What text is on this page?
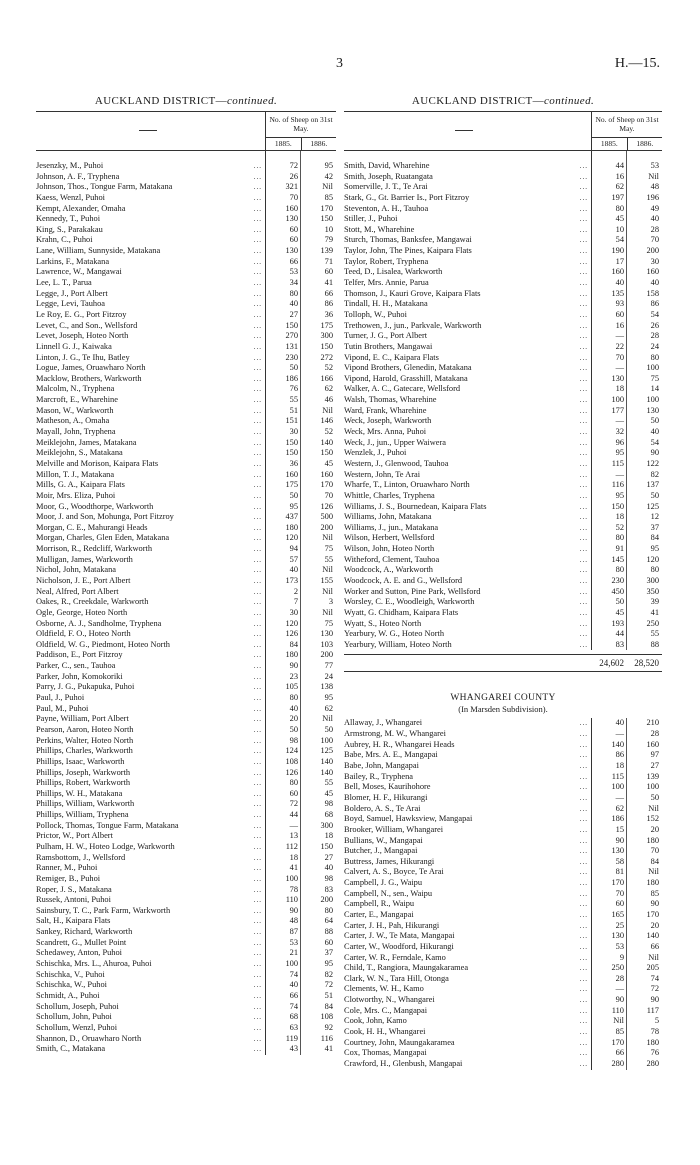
3	H.—15.
AUCKLAND DISTRICT—continued.
No. of Sheep on 31st May.
1885.	1886.
Jesenzky, M., Puhoi	...	72	95
Johnson, A. F., Tryphena	...	26	42
Johnson, Thos., Tongue Farm, Matakana	...	321	Nil
Kaess, Wenzl, Puhoi	...	70	85
Kempt, Alexander, Omaha	...	160	170
Kennedy, T., Puhoi	...	130	150
King, S., Parakakau	...	60	10
Krahn, C., Puhoi	...	60	79
Lane, William, Sunnyside, Matakana	...	130	139
Larkins, F., Matakana	...	66	71
Lawrence, W., Mangawai	...	53	60
Lee, L. T., Parua	...	34	41
Legge, J., Port Albert	...	80	66
Legge, Levi, Tauhoa	...	40	86
Le Roy, E. G., Port Fitzroy	...	27	36
Levet, C., and Son., Wellsford	...	150	175
Levet, Joseph, Hoteo North	...	270	300
Linnell G. J., Kaiwaka	...	131	150
Linton, J. G., Te Ihu, Batley	...	230	272
Logue, James, Oruawharo North	...	50	52
Macklow, Brothers, Warkworth	...	186	166
Malcolm, N., Tryphena	...	76	62
Marcroft, E., Wharehine	...	55	46
Mason, W., Warkworth	...	51	Nil
Matheson, A., Omaha	...	151	146
Mayall, John, Tryphena	...	30	52
Meiklejohn, James, Matakana	...	150	140
Meiklejohn, S., Matakana	...	150	150
Melville and Morison, Kaipara Flats	...	36	45
Millon, T. J., Matakana	...	160	160
Mills, G. A., Kaipara Flats	...	175	170
Moir, Mrs. Eliza, Puhoi	...	50	70
Moor, G., Woodthorpe, Warkworth	...	95	126
Moor, J. and Son, Mohunga, Port Fitzroy	...	437	500
Morgan, C. E., Mahurangi Heads	...	180	200
Morgan, Charles, Glen Eden, Matakana	...	120	Nil
Morrison, R., Redcliff, Warkworth	...	94	75
Mulligan, James, Warkworth	...	57	55
Nichol, John, Matakana	...	40	Nil
Nicholson, J. E., Port Albert	...	173	155
Neal, Alfred, Port Albert	...	2	Nil
Oakes, R., Creekdale, Warkworth	...	7	3
Ogle, George, Hoteo North	...	30	Nil
Osborne, A. J., Sandholme, Tryphena	...	120	75
Oldfield, F. O., Hoteo North	...	126	130
Oldfield, W. G., Piedmont, Hoteo North	...	84	103
Paddison, E., Port Fitzroy	...	180	200
Parker, C., sen., Tauhoa	...	90	77
Parker, John, Komokoriki	...	23	24
Parry, J. G., Pukapuka, Puhoi	...	105	138
Paul, J., Puhoi	...	80	95
Paul, M., Puhoi	...	40	62
Payne, William, Port Albert	...	20	Nil
Pearson, Aaron, Hoteo North	...	50	50
Perkins, Walter, Hoteo North	...	98	100
Phillips, Charles, Warkworth	...	124	125
Phillips, Isaac, Warkworth	...	108	140
Phillips, Joseph, Warkworth	...	126	140
Phillips, Robert, Warkworth	...	80	55
Phillips, W. H., Matakana	...	60	45
Phillips, William, Warkworth	...	72	98
Phillips, William, Tryphena	...	44	68
Pollock, Thomas, Tongue Farm, Matakana	...	—	300
Prictor, W., Port Albert	...	13	18
Pulham, H. W., Hoteo Lodge, Warkworth	...	112	150
Ramsbottom, J., Wellsford	...	18	27
Ranner, M., Puhoi	...	41	40
Remiger, B., Puhoi	...	100	98
Roper, J. S., Matakana	...	78	83
Russek, Antoni, Puhoi	...	110	200
Sainsbury, T. C., Park Farm, Warkworth	...	90	80
Salt, H., Kaipara Flats	...	48	64
Sankey, Richard, Warkworth	...	87	88
Scandrett, G., Mullet Point	...	53	60
Schedawey, Anton, Puhoi	...	21	37
Schischka, Mrs. L., Ahuroa, Puhoi	...	100	95
Schischka, V., Puhoi	...	74	82
Schischka, W., Puhoi	...	40	72
Schmidt, A., Puhoi	...	66	51
Schollum, Joseph, Puhoi	...	74	84
Schollum, John, Puhoi	...	68	108
Schollum, Wenzl, Puhoi	...	63	92
Shannon, D., Oruawharo North	...	119	116
Smith, C., Matakana	...	43	41
AUCKLAND DISTRICT—continued.
No. of Sheep on 31st May.
1885.	1886.
Smith, David, Wharehine	...	44	53
Smith, Joseph, Ruatangata	...	16	Nil
Somerville, J. T., Te Arai	...	62	48
Stark, G., Gt. Barrier Is., Port Fitzroy	...	197	196
Steventon, A. H., Tauhoa	...	80	49
Stiller, J., Puhoi	...	45	40
Stott, M., Wharehine	...	10	28
Sturch, Thomas, Banksfee, Mangawai	...	54	70
Taylor, John, The Pines, Kaipara Flats	...	190	200
Taylor, Robert, Tryphena	...	17	30
Teed, D., Lisalea, Warkworth	...	160	160
Telfer, Mrs. Annie, Parua	...	40	40
Thomson, J., Kauri Grove, Kaipara Flats	...	135	158
Tindall, H. H., Matakana	...	93	86
Tolloph, W., Puhoi	...	60	54
Trethowen, J., jun., Parkvale, Warkworth	...	16	26
Turner, J. G., Port Albert	...	—	28
Tutin Brothers, Mangawai	...	22	24
Vipond, E. C., Kaipara Flats	...	70	80
Vipond Brothers, Glenedin, Matakana	...	—	100
Vipond, Harold, Grasshill, Matakana	...	130	75
Walker, A. C., Gatecare, Wellsford	...	18	14
Walsh, Thomas, Wharehine	...	100	100
Ward, Frank, Wharehine	...	177	130
Weck, Joseph, Warkworth	...	—	50
Weck, Mrs. Anna, Puhoi	...	32	40
Weck, J., jun., Upper Waiwera	...	96	54
Wenzlek, J., Puhoi	...	95	90
Western, J., Glenwood, Tauhoa	...	115	122
Western, John, Te Arai	...	—	82
Wharfe, T., Linton, Oruawharo North	...	116	137
Whittle, Charles, Tryphena	...	95	50
Williams, J. S., Bournedean, Kaipara Flats	...	150	125
Williams, John, Matakana	...	18	12
Williams, J., jun., Matakana	...	52	37
Wilson, Herbert, Wellsford	...	80	84
Wilson, John, Hoteo North	...	91	95
Witheford, Clement, Tauhoa	...	145	120
Woodcock, A., Warkworth	...	80	80
Woodcock, A. E. and G., Wellsford	...	230	300
Worker and Sutton, Pine Park, Wellsford	...	450	350
Worsley, C. E., Woodleigh, Warkworth	...	50	39
Wyatt, G. Chidham, Kaipara Flats	...	45	41
Wyatt, S., Hoteo North	...	193	250
Yearbury, W. G., Hoteo North	...	44	55
Yearbury, William, Hoteo North	...	83	88
24,602	28,520
WHANGAREI COUNTY
(In Marsden Subdivision).
Allaway, J., Whangarei	...	40	210
Armstrong, M. W., Whangarei	...	—	28
Aubrey, H. R., Whangarei Heads	...	140	160
Babe, Mrs. A. E., Mangapai	...	86	97
Babe, John, Mangapai	...	18	27
Bailey, R., Tryphena	...	115	139
Bell, Moses, Kaurihohore	...	100	100
Blomer, H. F., Hikurangi	...	—	50
Boldero, A. S., Te Arai	...	62	Nil
Boyd, Samuel, Hawksview, Mangapai	...	186	152
Brooker, William, Whangarei	...	15	20
Bullians, W., Mangapai	...	90	180
Butcher, J., Mangapai	...	130	70
Buttress, James, Hikurangi	...	58	84
Calvert, A. S., Boyce, Te Arai	...	81	Nil
Campbell, J. G., Waipu	...	170	180
Campbell, N., sen., Waipu	...	70	85
Campbell, R., Waipu	...	60	90
Carter, E., Mangapai	...	165	170
Carter, J. H., Pah, Hikurangi	...	25	20
Carter, J. W., Te Mata, Mangapai	...	130	140
Carter, W., Woodford, Hikurangi	...	53	66
Carter, W. R., Ferndale, Kamo	...	9	Nil
Child, T., Rangiora, Maungakaramea	...	250	205
Clark, W. N., Tara Hill, Otonga	...	28	74
Clements, W. H., Kamo	...	—	72
Clotworthy, N., Whangarei	...	90	90
Cole, Mrs. C., Mangapai	...	110	117
Cook, John, Kamo	...	Nil	5
Cook, H. H., Whangarei	...	85	78
Courtney, John, Maungakaramea	...	170	180
Cox, Thomas, Mangapai	...	66	76
Crawford, H., Glenbush, Mangapai	...	280	280
